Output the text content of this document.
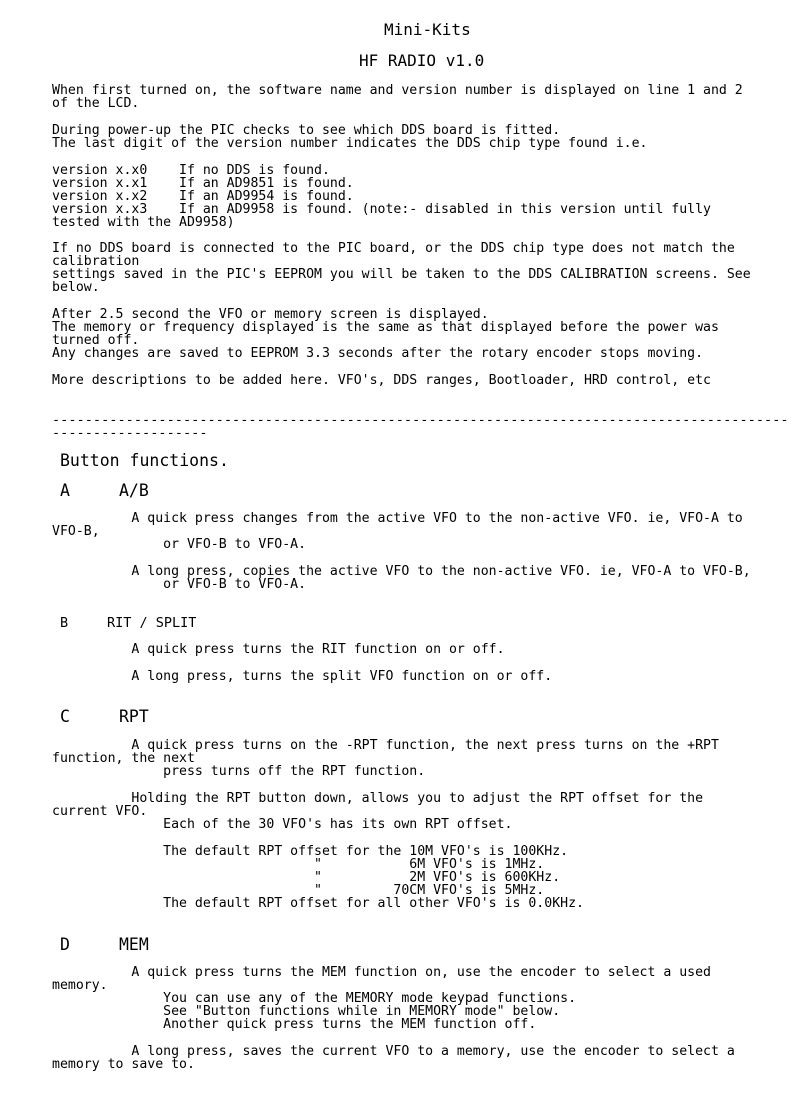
Mini-Kits
HF RADIO v1.0

When first turned on, the software name and version number is displayed on line 1 and 2

of the LCD.

During power-up the PIC checks to see which DDS board is fitted.

The last digit of the version number indicates the DDS chip type found i.e.

version x.x0    If no DDS is found.

version x.x1    If an AD9851 is found.

version x.x2    If an AD9954 is found.

version x.x3    If an AD9958 is found. (note:- disabled in this version until fully

tested with the AD9958)

If no DDS board is connected to the PIC board, or the DDS chip type does not match the

calibration

settings saved in the PIC's EEPROM you will be taken to the DDS CALIBRATION screens. See

below.

After 2.5 second the VFO or memory screen is displayed.

The memory or frequency displayed is the same as that displayed before the power was

turned off.

Any changes are saved to EEPROM 3.3 seconds after the rotary encoder stops moving.

More descriptions to be added here. VFO's, DDS ranges, Bootloader, HRD control, etc

------------------------------------------------------------------------------------------

-------------------

Button functions.
A	A/B

A quick press changes from the active VFO to the non-active VFO. ie, VFO-A to

VFO-B,

or VFO-B to VFO-A.

A long press, copies the active VFO to the non-active VFO. ie, VFO-A to VFO-B,

or VFO-B to VFO-A.

B	RIT / SPLIT

A quick press turns the RIT function on or off.

A long press, turns the split VFO function on or off.

C	RPT

A quick press turns on the -RPT function, the next press turns on the +RPT

function, the next

press turns off the RPT function.

Holding the RPT button down, allows you to adjust the RPT offset for the

current VFO.

Each of the 30 VFO's has its own RPT offset.

The default RPT offset for the 10M VFO's is 100KHz.

"           6M VFO's is 1MHz.

"           2M VFO's is 600KHz.

"         70CM VFO's is 5MHz.

The default RPT offset for all other VFO's is 0.0KHz.

D	MEM

A quick press turns the MEM function on, use the encoder to select a used

memory.

You can use any of the MEMORY mode keypad functions.

See "Button functions while in MEMORY mode" below.

Another quick press turns the MEM function off.

A long press, saves the current VFO to a memory, use the encoder to select a

memory to save to.
